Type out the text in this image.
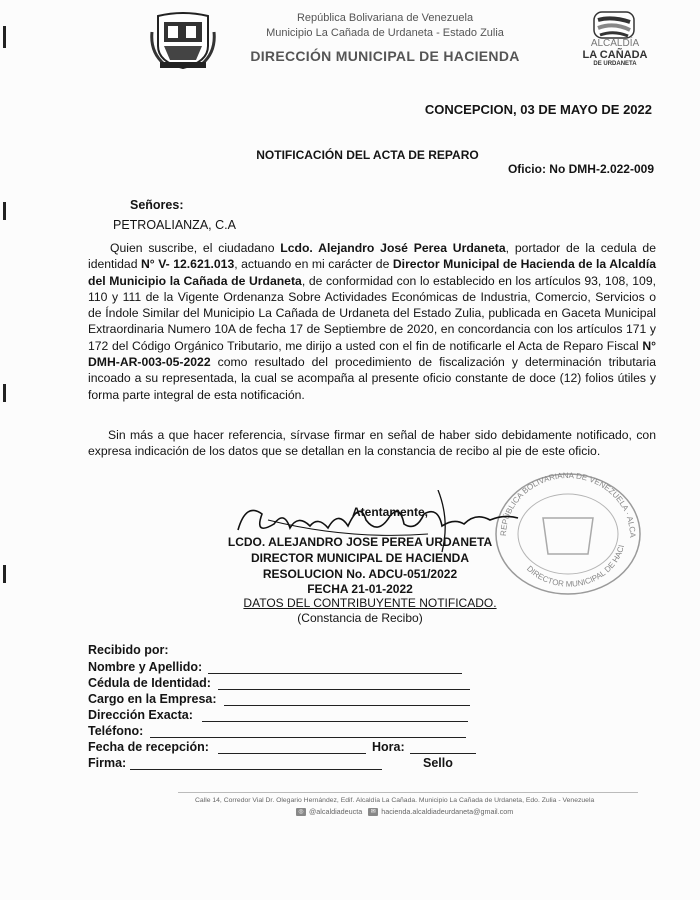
República Bolivariana de Venezuela
Municipio La Cañada de Urdaneta - Estado Zulia
DIRECCIÓN MUNICIPAL DE HACIENDA
ALCALDÍA
LA CAÑADA
DE URDANETA
CONCEPCION, 03 DE MAYO DE 2022
NOTIFICACIÓN DEL ACTA DE REPARO
Oficio: No DMH-2.022-009
Señores:
PETROALIANZA, C.A
Quien suscribe, el ciudadano Lcdo. Alejandro José Perea Urdaneta, portador de la cedula de identidad N° V- 12.621.013, actuando en mi carácter de Director Municipal de Hacienda de la Alcaldía del Municipio la Cañada de Urdaneta, de conformidad con lo establecido en los artículos 93, 108, 109, 110 y 111 de la Vigente Ordenanza Sobre Actividades Económicas de Industria, Comercio, Servicios o de Índole Similar del Municipio La Cañada de Urdaneta del Estado Zulia, publicada en Gaceta Municipal Extraordinaria Numero 10A de fecha 17 de Septiembre de 2020, en concordancia con los artículos 171 y 172 del Código Orgánico Tributario, me dirijo a usted con el fin de notificarle el Acta de Reparo Fiscal N° DMH-AR-003-05-2022 como resultado del procedimiento de fiscalización y determinación tributaria incoado a su representada, la cual se acompaña al presente oficio constante de doce (12) folios útiles y forma parte integral de esta notificación.
Sin más a que hacer referencia, sírvase firmar en señal de haber sido debidamente notificado, con expresa indicación de los datos que se detallan en la constancia de recibo al pie de este oficio.
REPÚBLICA BOLIVARIANA DE VENEZUELA · ALCA
DIRECTOR MUNICIPAL DE HACI
Atentamente,
LCDO. ALEJANDRO JOSE PEREA URDANETA
DIRECTOR MUNICIPAL DE HACIENDA
RESOLUCION No. ADCU-051/2022
FECHA 21-01-2022
DATOS DEL CONTRIBUYENTE NOTIFICADO.
(Constancia de Recibo)
Recibido por:
Nombre y Apellido:
Cédula de Identidad:
Cargo en la Empresa:
Dirección Exacta:
Teléfono:
Fecha de recepción:	Hora:
Firma:	Sello
Calle 14, Corredor Vial Dr. Olegario Hernández, Edif. Alcaldía La Cañada. Municipio La Cañada de Urdaneta, Edo. Zulia - Venezuela
◎ @alcaldiadeucta ✉ hacienda.alcaldiadeurdaneta@gmail.com
